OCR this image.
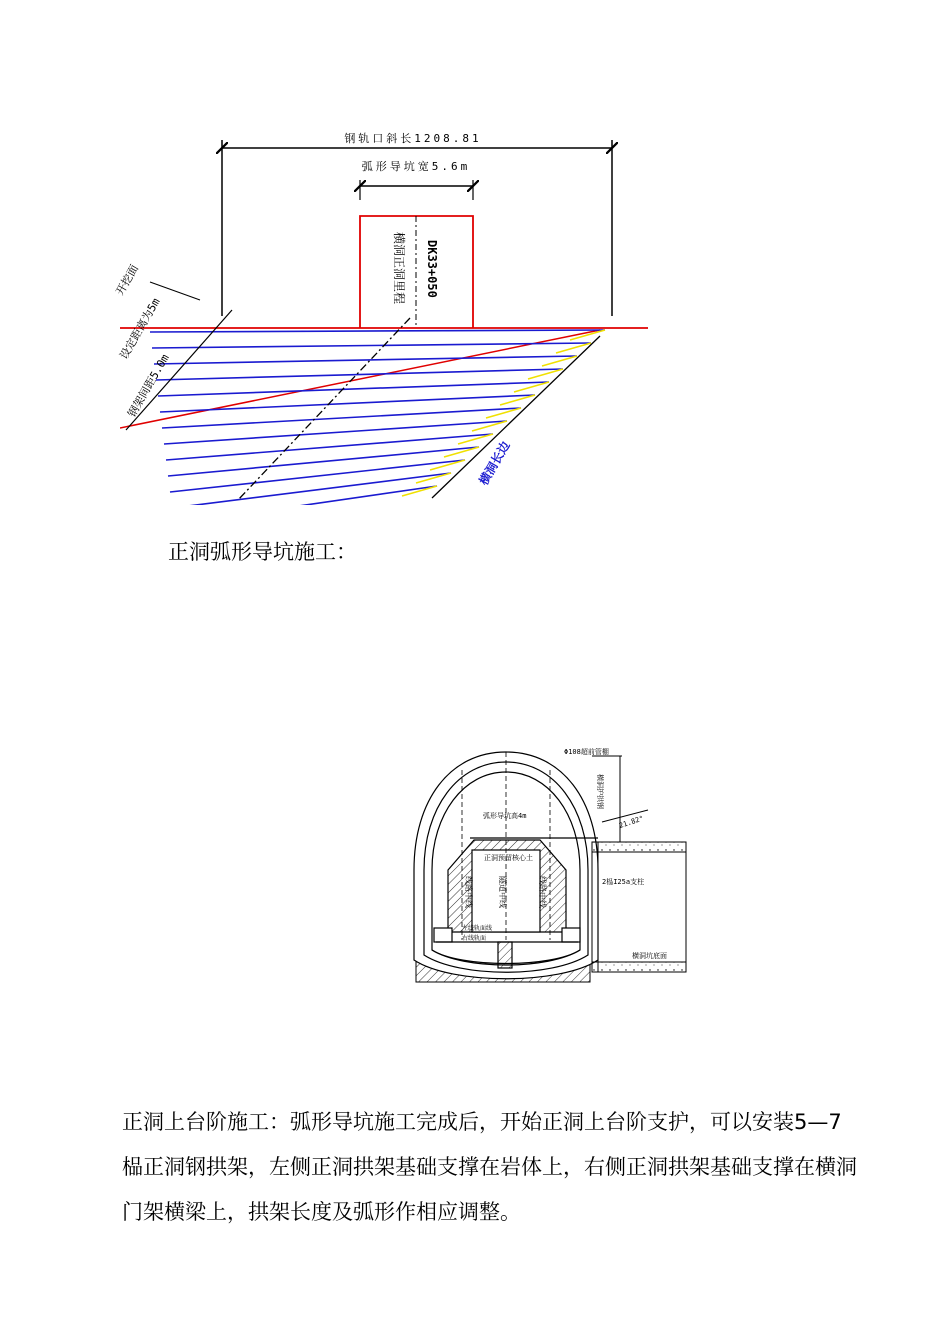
钢轨口斜长1208.81
弧形导坑宽5.6m
横洞正洞里程 DK33+050
开挖面
设定距离为5m
钢架间距5.0m
横洞长边
正洞弧形导坑施工：
Φ108超前管棚
横洞护拱钢
21.82°
弧形导坑高4m
正洞预留核心土
2榀I25a支柱
横洞坑底面
左线轨面线
右线轨面
线路中线	隧道中线	线路中线
正洞上台阶施工：弧形导坑施工完成后，开始正洞上台阶支护，可以安装5—7榀正洞钢拱架，左侧正洞拱架基础支撑在岩体上，右侧正洞拱架基础支撑在横洞门架横梁上，拱架长度及弧形作相应调整。
